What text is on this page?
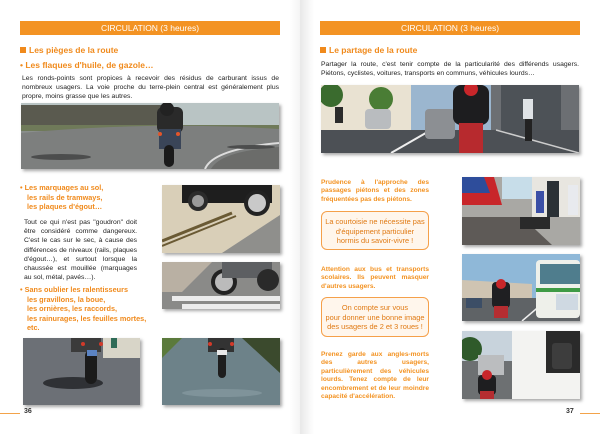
CIRCULATION (3 heures)
Les pièges de la route
• Les flaques d'huile, de gazole…
Les ronds-points sont propices à recevoir des résidus de carburant issus de nombreux usagers. La voie proche du terre-plein central est généralement plus propre, moins grasse que les autres.
• Les marquages au sol,
les rails de tramways,
les plaques d'égout…
Tout ce qui n'est pas "goudron" doit être considéré comme dangereux. C'est le cas sur le sec, à cause des différences de niveaux (rails, plaques d'égout…), et surtout lorsque la chaussée est mouillée (marquages au sol, métal, pavés…).
• Sans oublier les ralentisseurs
les gravillons, la boue,
les ornières, les raccords,
les rainurages, les feuilles mortes,
etc.
36
CIRCULATION (3 heures)
Le partage de la route
Partager la route, c'est tenir compte de la particularité des différends usagers. Piétons, cyclistes, voitures, transports en communs, véhicules lourds…
Prudence à l'approche des passages piétons et des zones fréquentées pas des piétons.
La courtoisie ne nécessite pas
d'équipement particulier
hormis du savoir-vivre !
Attention aux bus et transports scolaires. Ils peuvent masquer d'autres usagers.
On compte sur vous
pour donner une bonne image
des usagers de 2 et 3 roues !
Prenez garde aux angles-morts des autres usagers, particulièrement des véhicules lourds. Tenez compte de leur encombrement et de leur moindre capacité d'accélération.
37
